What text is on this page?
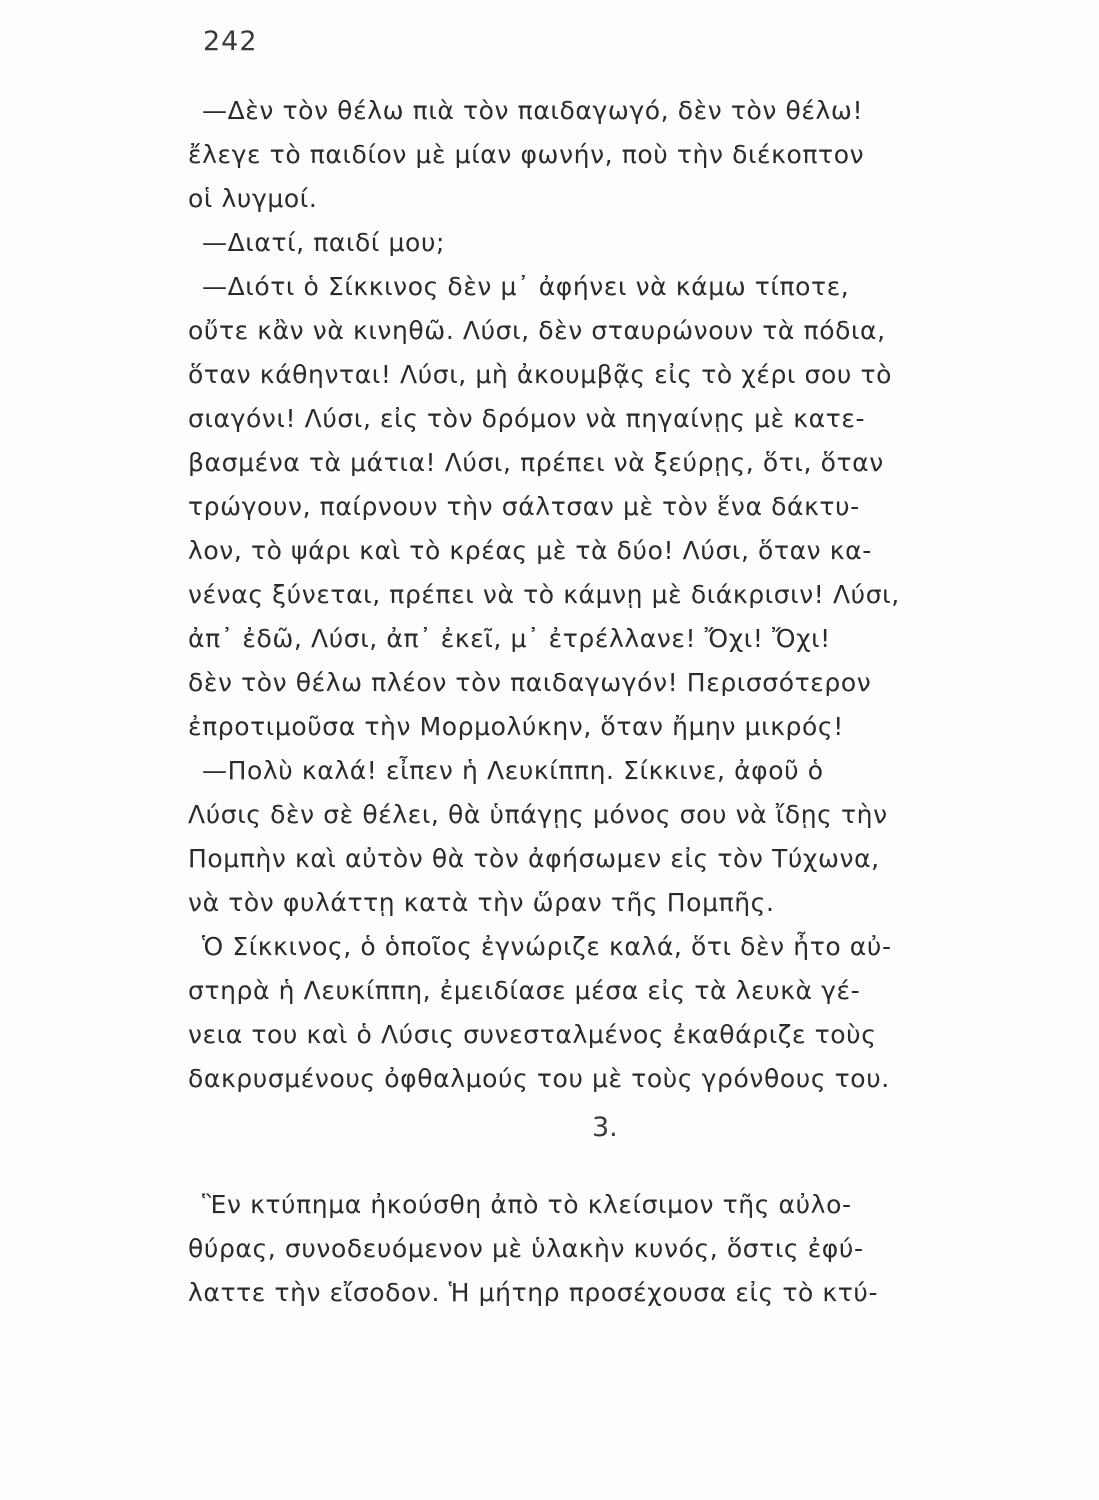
242
—Δὲν τὸν θέλω πιὰ τὸν παιδαγωγό, δὲν τὸν θέλω!
ἔλεγε τὸ παιδίον μὲ μίαν φωνήν, ποὺ τὴν διέκοπτον
οἱ λυγμοί.
—Διατί, παιδί μου;
—Διότι ὁ Σίκκινος δὲν μ᾽ ἀφήνει νὰ κάμω τίποτε,
οὔτε κἂν νὰ κινηθῶ. Λύσι, δὲν σταυρώνουν τὰ πόδια,
ὅταν κάθηνται! Λύσι, μὴ ἀκουμβᾷς εἰς τὸ χέρι σου τὸ
σιαγόνι! Λύσι, εἰς τὸν δρόμον νὰ πηγαίνῃς μὲ κατε-
βασμένα τὰ μάτια! Λύσι, πρέπει νὰ ξεύρῃς, ὅτι, ὅταν
τρώγουν, παίρνουν τὴν σάλτσαν μὲ τὸν ἕνα δάκτυ-
λον, τὸ ψάρι καὶ τὸ κρέας μὲ τὰ δύο! Λύσι, ὅταν κα-
νένας ξύνεται, πρέπει νὰ τὸ κάμνῃ μὲ διάκρισιν! Λύσι,
ἀπ᾽ ἐδῶ, Λύσι, ἀπ᾽ ἐκεῖ, μ᾽ ἐτρέλλανε! Ὄχι! Ὄχι!
δὲν τὸν θέλω πλέον τὸν παιδαγωγόν! Περισσότερον
ἐπροτιμοῦσα τὴν Μορμολύκην, ὅταν ἤμην μικρός!
—Πολὺ καλά! εἶπεν ἡ Λευκίππη. Σίκκινε, ἀφοῦ ὁ
Λύσις δὲν σὲ θέλει, θὰ ὑπάγῃς μόνος σου νὰ ἴδῃς τὴν
Πομπὴν καὶ αὐτὸν θὰ τὸν ἀφήσωμεν εἰς τὸν Τύχωνα,
νὰ τὸν φυλάττῃ κατὰ τὴν ὥραν τῆς Πομπῆς.
Ὁ Σίκκινος, ὁ ὁποῖος ἐγνώριζε καλά, ὅτι δὲν ἦτο αὐ-
στηρὰ ἡ Λευκίππη, ἐμειδίασε μέσα εἰς τὰ λευκὰ γέ-
νεια του καὶ ὁ Λύσις συνεσταλμένος ἐκαθάριζε τοὺς
δακρυσμένους ὀφθαλμούς του μὲ τοὺς γρόνθους του.
3.
Ἓν κτύπημα ἠκούσθη ἀπὸ τὸ κλείσιμον τῆς αὐλο-
θύρας, συνοδευόμενον μὲ ὑλακὴν κυνός, ὅστις ἐφύ-
λαττε τὴν εἴσοδον. Ἡ μήτηρ προσέχουσα εἰς τὸ κτύ-
